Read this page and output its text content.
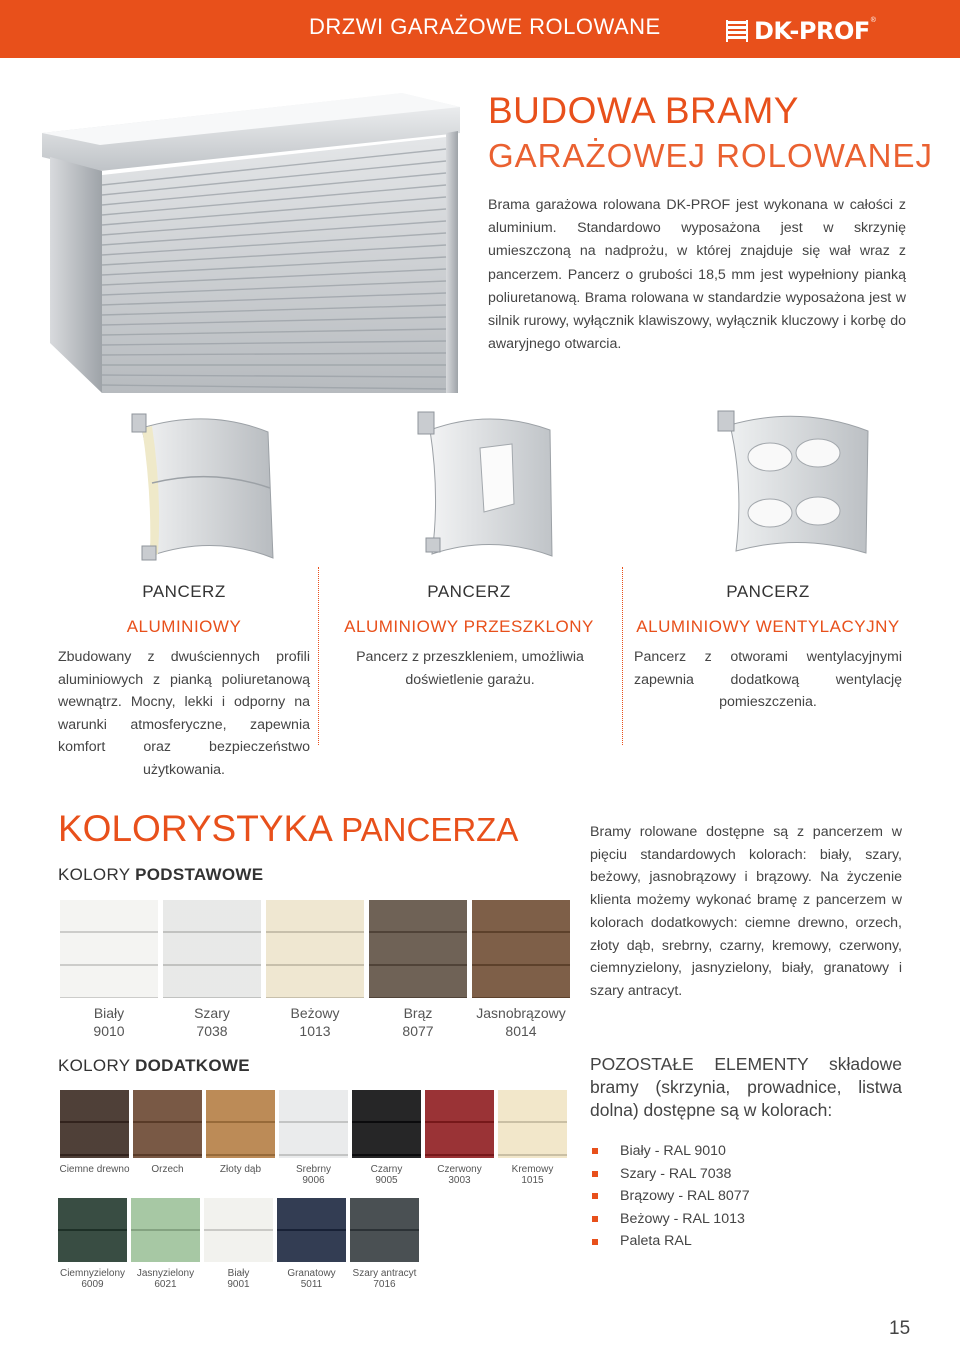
DRZWI GARAŻOWE ROLOWANE	DK-PROF ®
BUDOWA BRAMY
GARAŻOWEJ ROLOWANEJ
Brama garażowa rolowana DK-PROF jest wykonana w całości z aluminium. Standardowo wyposażona jest w skrzynię umieszczoną na nadprożu, w której znajduje się wał wraz z pancerzem. Pancerz o grubości 18,5 mm jest wypełniony pianką poliuretanową. Brama rolowana w standardzie wyposażona jest w silnik rurowy, wyłącznik klawiszowy, wyłącznik kluczowy i korbę do awaryjnego otwarcia.
PANCERZ
ALUMINIOWY
Zbudowany z dwuściennych profili aluminiowych z pianką poliuretanową wewnątrz. Mocny, lekki i odporny na warunki atmosferyczne, zapewnia komfort oraz bezpieczeństwo użytkowania.
PANCERZ
ALUMINIOWY PRZESZKLONY
Pancerz z przeszkleniem, umożliwia doświetlenie garażu.
PANCERZ
ALUMINIOWY WENTYLACYJNY
Pancerz z otworami wentylacyjnymi zapewnia dodatkową wentylację pomieszczenia.
KOLORYSTYKA PANCERZA
KOLORY PODSTAWOWE
Biały
9010
Szary
7038
Beżowy
1013
Brąz
8077
Jasnobrązowy
8014
KOLORY DODATKOWE
Ciemne drewno	Orzech	Złoty dąb	Srebrny
9006
Czarny
9005
Czerwony
3003
Kremowy
1015
Ciemnyzielony
6009
Jasnyzielony
6021
Biały
9001
Granatowy
5011
Szary antracyt
7016
Bramy rolowane dostępne są z pancerzem w pięciu standardowych kolorach: biały, szary, beżowy, jasnobrązowy i brązowy. Na życzenie klienta możemy wykonać bramę z pancerzem w kolorach dodatkowych: ciemne drewno, orzech, złoty dąb, srebrny, czarny, kremowy, czerwony, ciemnyzielony, jasnyzielony, biały, granatowy i szary antracyt.
POZOSTAŁE ELEMENTY składowe bramy (skrzynia, prowadnice, listwa dolna) dostępne są w kolorach:
Biały - RAL 9010
Szary - RAL 7038
Brązowy - RAL 8077
Beżowy - RAL 1013
Paleta RAL
15
